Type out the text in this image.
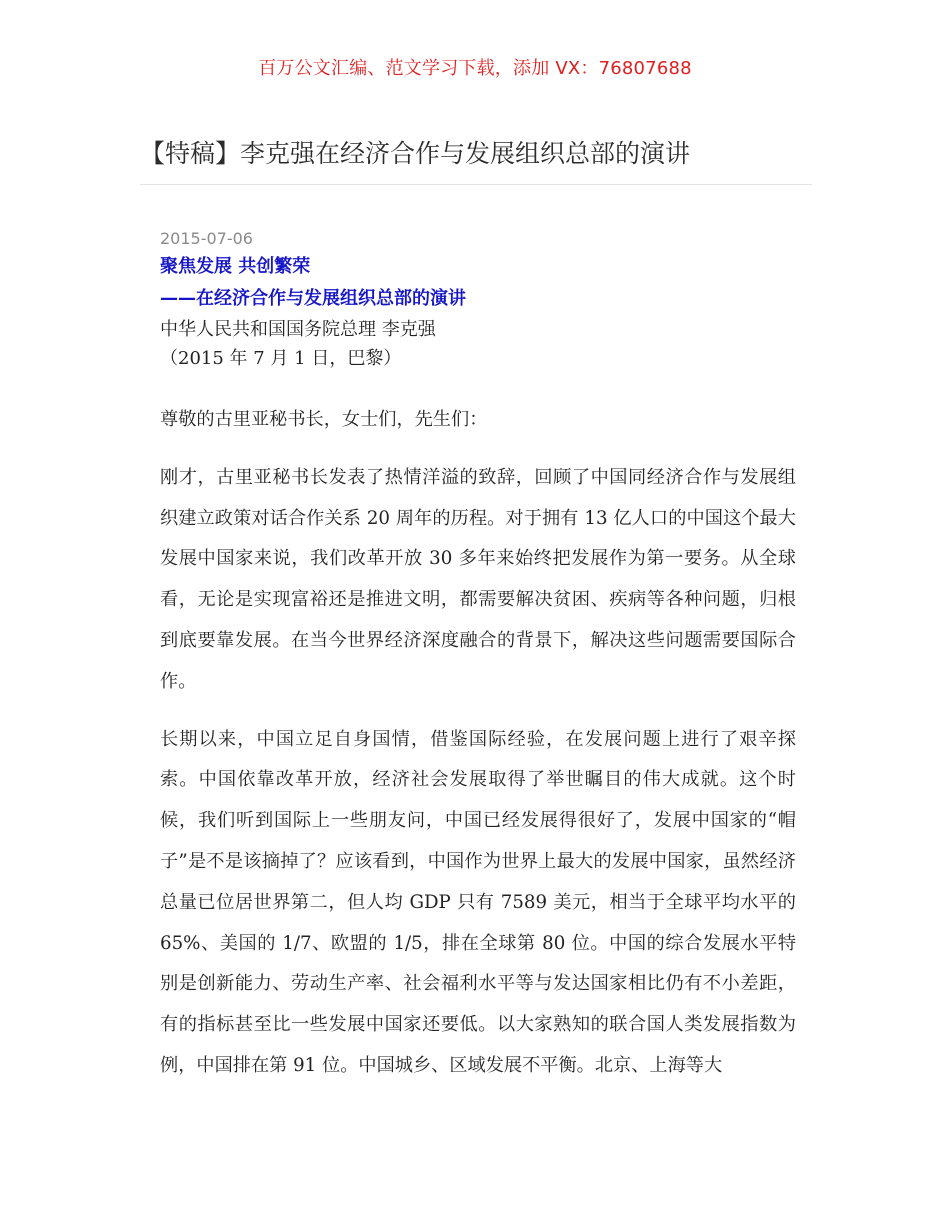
百万公文汇编、范文学习下载，添加 VX：76807688
【特稿】李克强在经济合作与发展组织总部的演讲
2015-07-06
聚焦发展 共创繁荣
——在经济合作与发展组织总部的演讲
中华人民共和国国务院总理 李克强
（2015 年 7 月 1 日，巴黎）

尊敬的古里亚秘书长，女士们，先生们：

刚才，古里亚秘书长发表了热情洋溢的致辞，回顾了中国同经济合作与发展组织建立政策对话合作关系 20 周年的历程。对于拥有 13 亿人口的中国这个最大发展中国家来说，我们改革开放 30 多年来始终把发展作为第一要务。从全球看，无论是实现富裕还是推进文明，都需要解决贫困、疾病等各种问题，归根到底要靠发展。在当今世界经济深度融合的背景下，解决这些问题需要国际合作。

长期以来，中国立足自身国情，借鉴国际经验，在发展问题上进行了艰辛探索。中国依靠改革开放，经济社会发展取得了举世瞩目的伟大成就。这个时候，我们听到国际上一些朋友问，中国已经发展得很好了，发展中国家的“帽子”是不是该摘掉了？应该看到，中国作为世界上最大的发展中国家，虽然经济总量已位居世界第二，但人均 GDP 只有 7589 美元，相当于全球平均水平的 65%、美国的 1/7、欧盟的 1/5，排在全球第 80 位。中国的综合发展水平特别是创新能力、劳动生产率、社会福利水平等与发达国家相比仍有不小差距，有的指标甚至比一些发展中国家还要低。以大家熟知的联合国人类发展指数为例，中国排在第 91 位。中国城乡、区域发展不平衡。北京、上海等大
